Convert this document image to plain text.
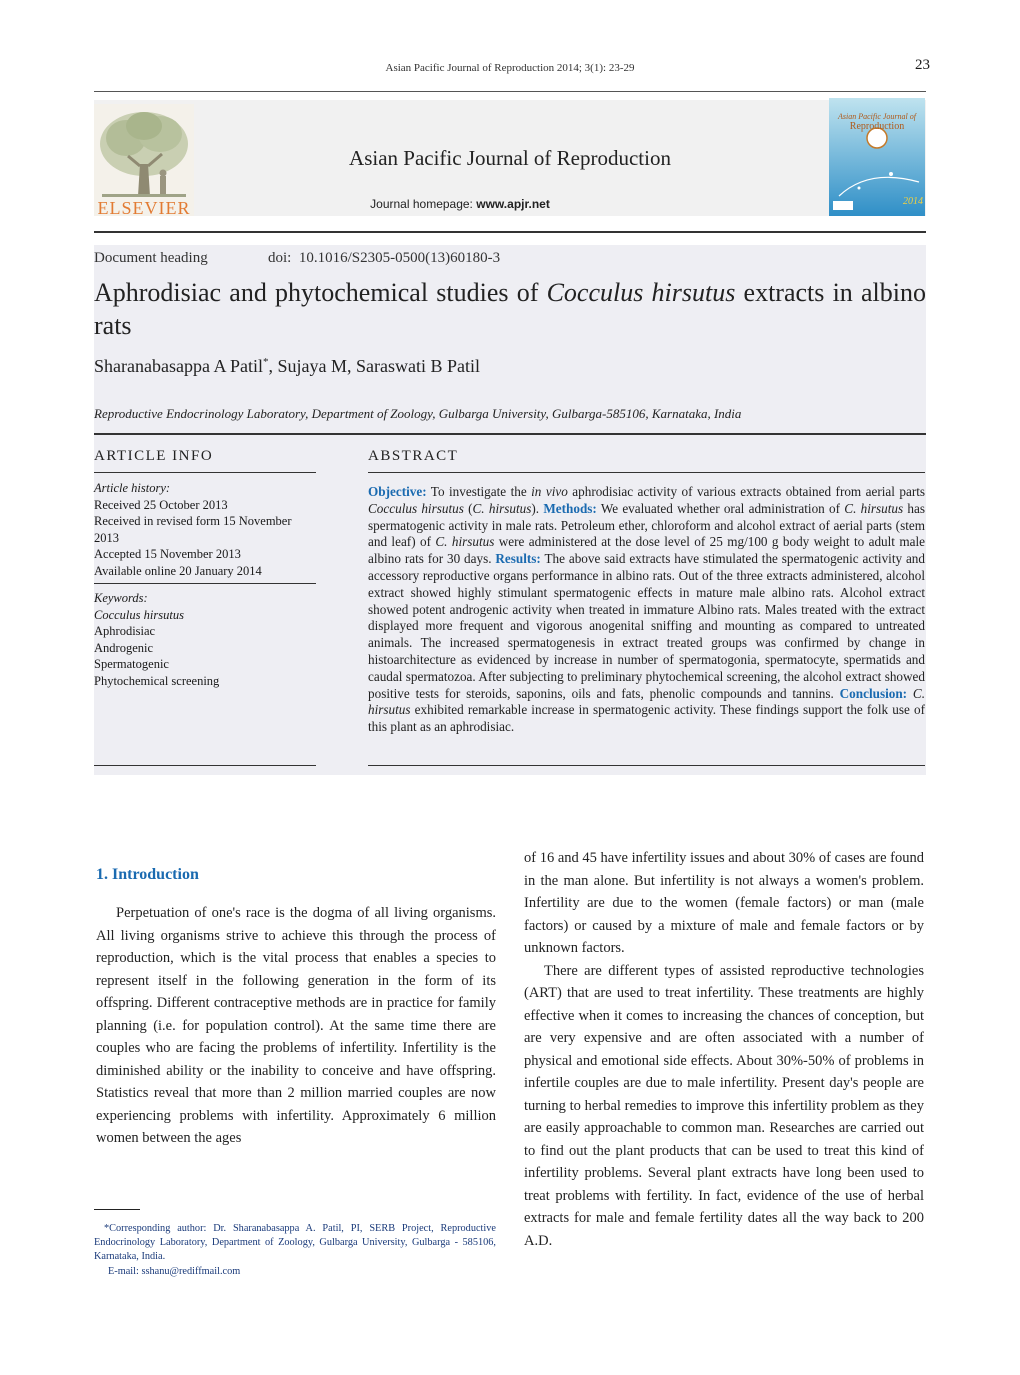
Asian Pacific Journal of Reproduction 2014; 3(1): 23-29	23
ELSEVIER
Asian Pacific Journal of Reproduction
Journal homepage: www.apjr.net
Asian Pacific Journal of
Reproduction
2014
Document heading	doi: 10.1016/S2305-0500(13)60180-3
Aphrodisiac and phytochemical studies of Cocculus hirsutus extracts in albino rats
Sharanabasappa A Patil*, Sujaya M, Saraswati B Patil
Reproductive Endocrinology Laboratory, Department of Zoology, Gulbarga University, Gulbarga-585106, Karnataka, India
ARTICLE INFO
Article history:
Received 25 October 2013
Received in revised form 15 November 2013
Accepted 15 November 2013
Available online 20 January 2014
Keywords:
Cocculus hirsutus
Aphrodisiac
Androgenic
Spermatogenic
Phytochemical screening
ABSTRACT
Objective: To investigate the in vivo aphrodisiac activity of various extracts obtained from aerial parts Cocculus hirsutus (C. hirsutus). Methods: We evaluated whether oral administration of C. hirsutus has spermatogenic activity in male rats. Petroleum ether, chloroform and alcohol extract of aerial parts (stem and leaf) of C. hirsutus were administered at the dose level of 25 mg/100 g body weight to adult male albino rats for 30 days. Results: The above said extracts have stimulated the spermatogenic activity and accessory reproductive organs performance in albino rats. Out of the three extracts administered, alcohol extract showed highly stimulant spermatogenic effects in mature male albino rats. Alcohol extract showed potent androgenic activity when treated in immature Albino rats. Males treated with the extract displayed more frequent and vigorous anogenital sniffing and mounting as compared to untreated animals. The increased spermatogenesis in extract treated groups was confirmed by change in histoarchitecture as evidenced by increase in number of spermatogonia, spermatocyte, spermatids and caudal spermatozoa. After subjecting to preliminary phytochemical screening, the alcohol extract showed positive tests for steroids, saponins, oils and fats, phenolic compounds and tannins. Conclusion: C. hirsutus exhibited remarkable increase in spermatogenic activity. These findings support the folk use of this plant as an aphrodisiac.
1. Introduction

Perpetuation of one's race is the dogma of all living organisms. All living organisms strive to achieve this through the process of reproduction, which is the vital process that enables a species to represent itself in the following generation in the form of its offspring. Different contraceptive methods are in practice for family planning (i.e. for population control). At the same time there are couples who are facing the problems of infertility. Infertility is the diminished ability or the inability to conceive and have offspring. Statistics reveal that more than 2 million married couples are now experiencing problems with infertility. Approximately 6 million women between the ages

of 16 and 45 have infertility issues and about 30% of cases are found in the man alone. But infertility is not always a women's problem. Infertility are due to the women (female factors) or man (male factors) or caused by a mixture of male and female factors or by unknown factors.

There are different types of assisted reproductive technologies (ART) that are used to treat infertility. These treatments are highly effective when it comes to increasing the chances of conception, but are very expensive and are often associated with a number of physical and emotional side effects. About 30%-50% of problems in infertile couples are due to male infertility. Present day's people are turning to herbal remedies to improve this infertility problem as they are easily approachable to common man. Researches are carried out to find out the plant products that can be used to treat this kind of infertility problems. Several plant extracts have long been used to treat problems with fertility. In fact, evidence of the use of herbal extracts for male and female fertility dates all the way back to 200 A.D.

*Corresponding author: Dr. Sharanabasappa A. Patil, PI, SERB Project, Reproductive Endocrinology Laboratory, Department of Zoology, Gulbarga University, Gulbarga - 585106, Karnataka, India.
E-mail: sshanu@rediffmail.com
